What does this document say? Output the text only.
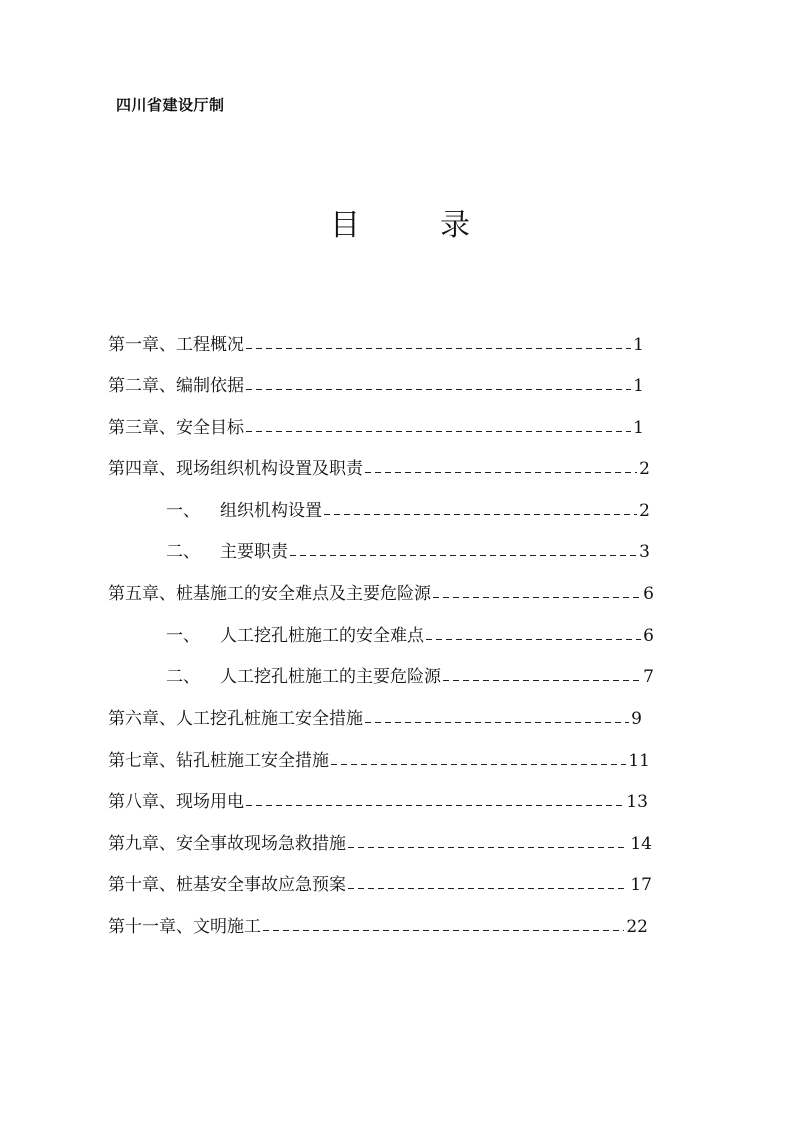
四川省建设厅制
目	录
第一章、工程概况	1
第二章、编制依据	1
第三章、安全目标	1
第四章、现场组织机构设置及职责	2
一、 组织机构设置	2
二、 主要职责	3
第五章、桩基施工的安全难点及主要危险源	6
一、 人工挖孔桩施工的安全难点	6
二、 人工挖孔桩施工的主要危险源	7
第六章、人工挖孔桩施工安全措施	9
第七章、钻孔桩施工安全措施	11
第八章、现场用电	13
第九章、安全事故现场急救措施	14
第十章、桩基安全事故应急预案	17
第十一章、文明施工	22
